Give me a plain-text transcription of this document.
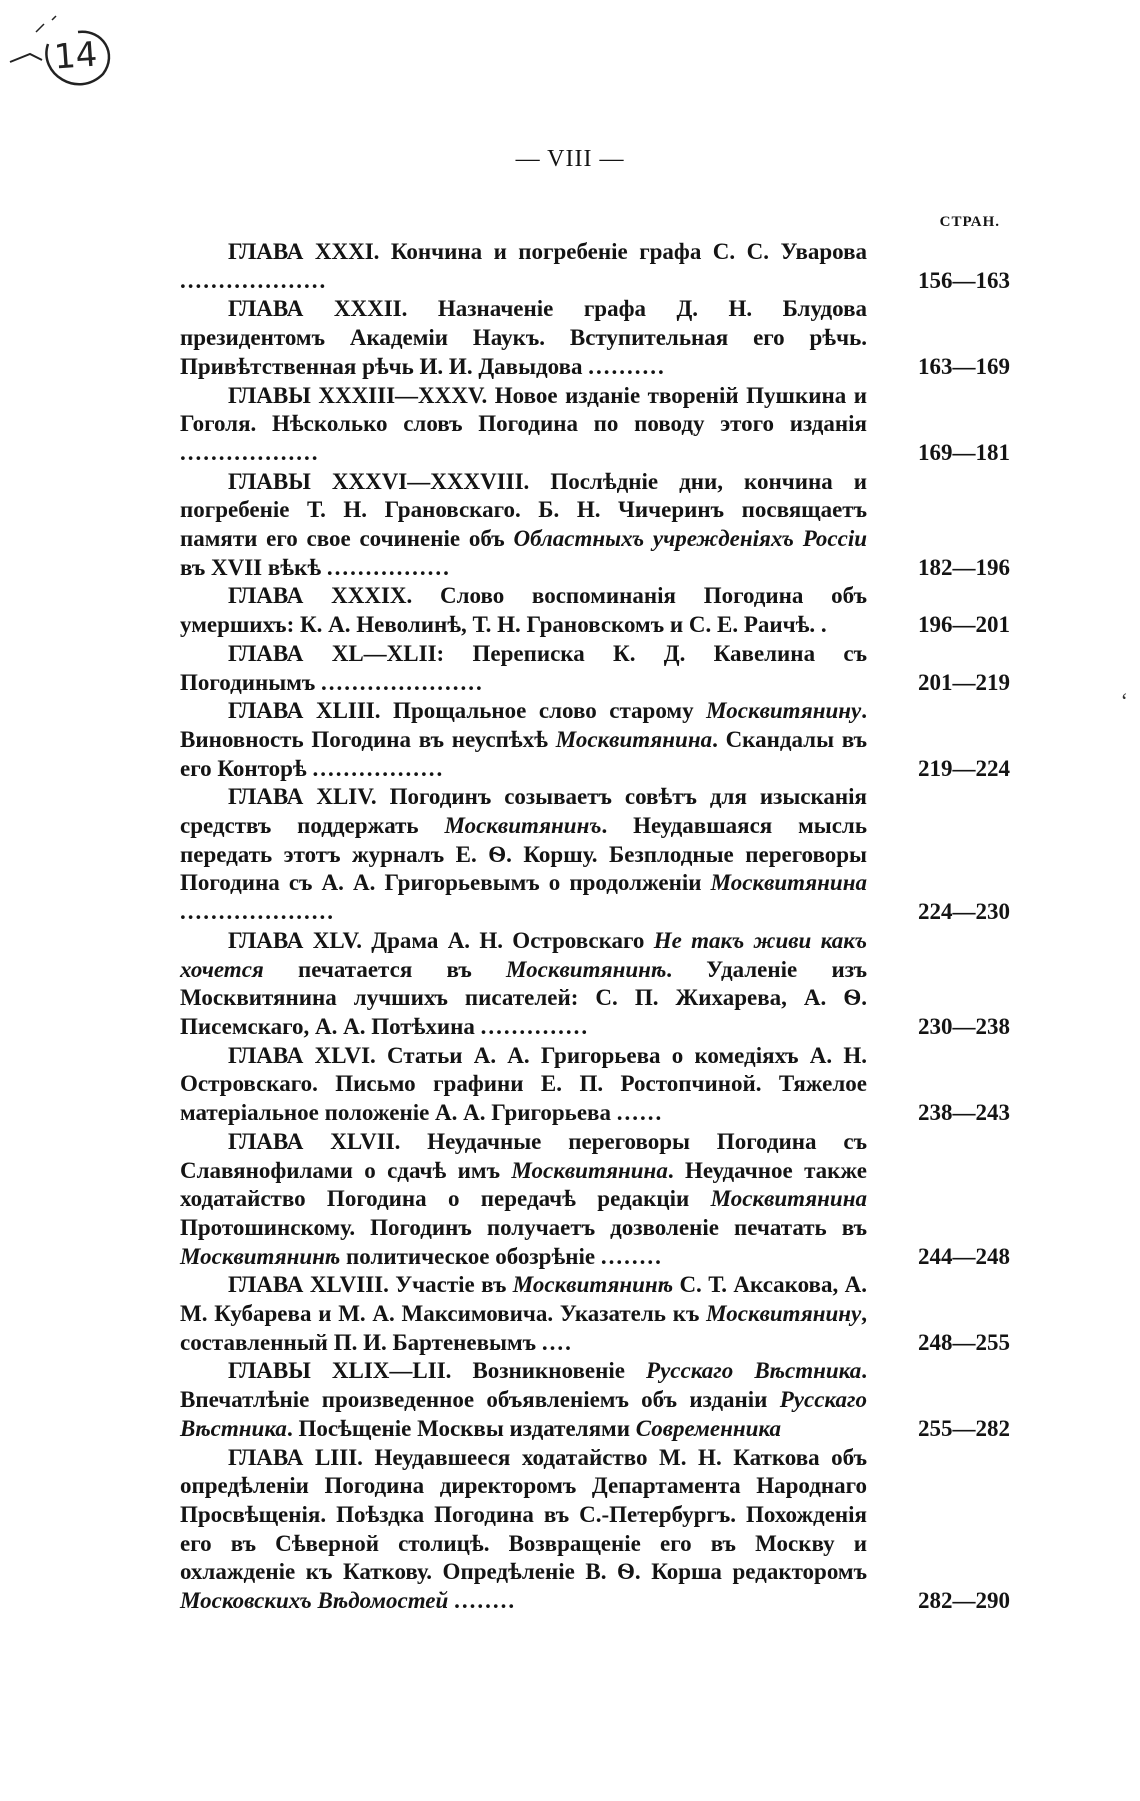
14
— VIII —
СТРАН.
ГЛАВА XXXI. Кончина и погребеніе графа С. С. Уварова ...................	156—163
ГЛАВА XXXII. Назначеніе графа Д. Н. Блудова президентомъ Академіи Наукъ. Вступительная его рѣчь. Привѣтственная рѣчь И. И. Давыдова ..........	163—169
ГЛАВЫ XXXIII—XXXV. Новое изданіе твореній Пушкина и Гоголя. Нѣсколько словъ Погодина по поводу этого изданія ..................	169—181
ГЛАВЫ XXXVI—XXXVIII. Послѣдніе дни, кончина и погребеніе Т. Н. Грановскаго. Б. Н. Чичеринъ посвящаетъ памяти его свое сочиненіе объ Областныхъ учрежденіяхъ Россіи въ XVII вѣкѣ ................	182—196
ГЛАВА XXXIX. Слово воспоминанія Погодина объ умершихъ: К. А. Неволинѣ, Т. Н. Грановскомъ и С. Е. Раичѣ. .	196—201
ГЛАВА XL—XLII: Переписка К. Д. Кавелина съ Погодинымъ .....................	201—219
ГЛАВА XLIII. Прощальное слово старому Москвитянину. Виновность Погодина въ неуспѣхѣ Москвитянина. Скандалы въ его Конторѣ .................	219—224
ГЛАВА XLIV. Погодинъ созываетъ совѣтъ для изысканія средствъ поддержать Москвитянинъ. Неудавшаяся мысль передать этотъ журналъ Е. Ѳ. Коршу. Безплодные переговоры Погодина съ А. А. Григорьевымъ о продолженіи Москвитянина ....................	224—230
ГЛАВА XLV. Драма А. Н. Островскаго Не такъ живи какъ хочется печатается въ Москвитянинѣ. Удаленіе изъ Москвитянина лучшихъ писателей: С. П. Жихарева, А. Ѳ. Писемскаго, А. А. Потѣхина ..............	230—238
ГЛАВА XLVI. Статьи А. А. Григорьева о комедіяхъ А. Н. Островскаго. Письмо графини Е. П. Ростопчиной. Тяжелое матеріальное положеніе А. А. Григорьева ......	238—243
ГЛАВА XLVII. Неудачные переговоры Погодина съ Славянофилами о сдачѣ имъ Москвитянина. Неудачное также ходатайство Погодина о передачѣ редакціи Москвитянина Протошинскому. Погодинъ получаетъ дозволеніе печатать въ Москвитянинѣ политическое обозрѣніе ........	244—248
ГЛАВА XLVIII. Участіе въ Москвитянинѣ С. Т. Аксакова, А. М. Кубарева и М. А. Максимовича. Указатель къ Москвитянину, составленный П. И. Бартеневымъ ....	248—255
ГЛАВЫ XLIX—LII. Возникновеніе Русскаго Вѣстника. Впечатлѣніе произведенное объявленіемъ объ изданіи Русскаго Вѣстника. Посѣщеніе Москвы издателями Современника	255—282
ГЛАВА LIII. Неудавшееся ходатайство М. Н. Каткова объ опредѣленіи Погодина директоромъ Департамента Народнаго Просвѣщенія. Поѣздка Погодина въ С.-Петербургъ. Похожденія его въ Сѣверной столицѣ. Возвращеніе его въ Москву и охлажденіе къ Каткову. Опредѣленіе В. Ѳ. Корша редакторомъ Московскихъ Вѣдомостей ........	282—290
‘
